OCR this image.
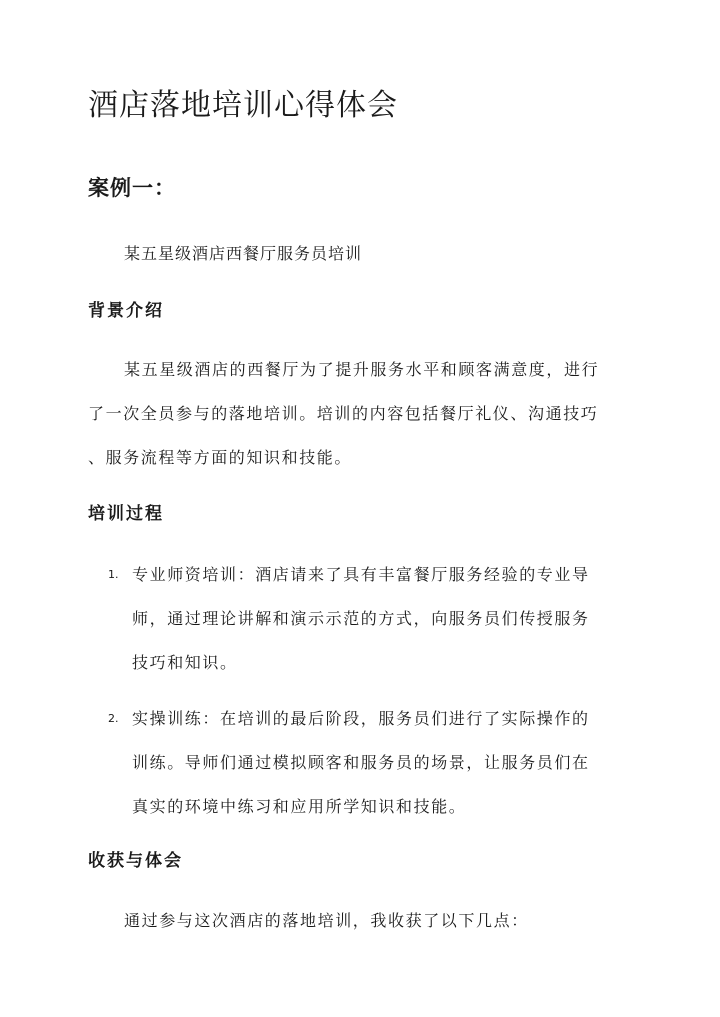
酒店落地培训心得体会
案例一：
某五星级酒店西餐厅服务员培训
背景介绍
某五星级酒店的西餐厅为了提升服务水平和顾客满意度，进行
了一次全员参与的落地培训。培训的内容包括餐厅礼仪、沟通技巧
、服务流程等方面的知识和技能。
培训过程
1. 专业师资培训：酒店请来了具有丰富餐厅服务经验的专业导
师，通过理论讲解和演示示范的方式，向服务员们传授服务
技巧和知识。
2. 实操训练：在培训的最后阶段，服务员们进行了实际操作的
训练。导师们通过模拟顾客和服务员的场景，让服务员们在
真实的环境中练习和应用所学知识和技能。
收获与体会
通过参与这次酒店的落地培训，我收获了以下几点：
